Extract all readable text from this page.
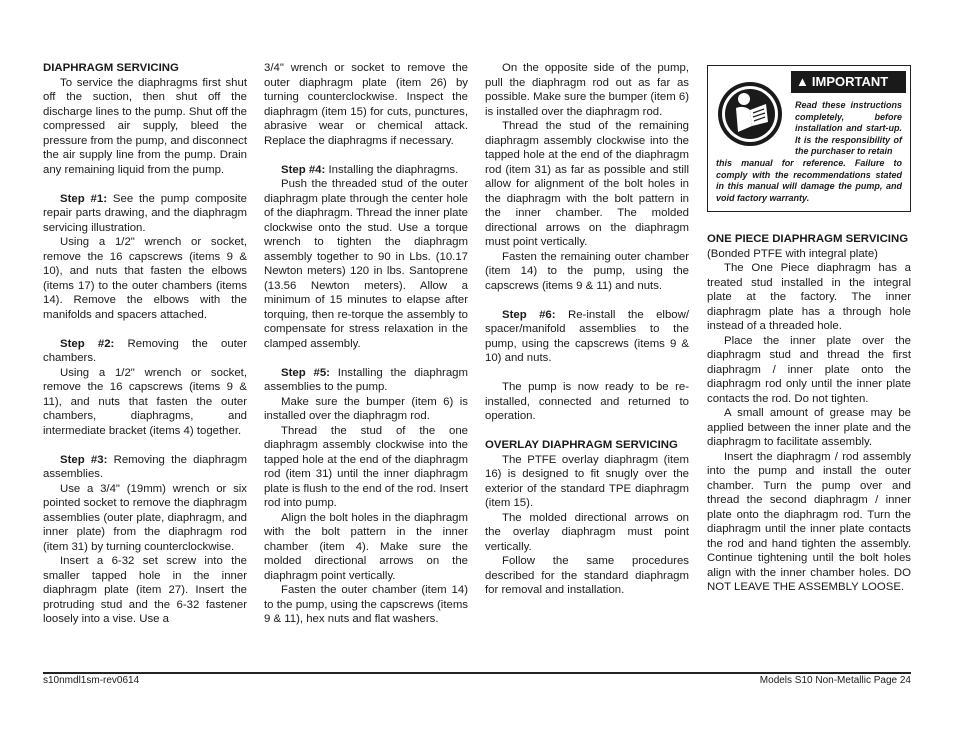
DIAPHRAGM SERVICING

To service the diaphragms first shut off the suction, then shut off the discharge lines to the pump. Shut off the compressed air supply, bleed the pressure from the pump, and disconnect the air supply line from the pump. Drain any remaining liquid from the pump.

Step #1: See the pump composite repair parts drawing, and the diaphragm servicing illustration.

Using a 1/2" wrench or socket, remove the 16 capscrews (items 9 & 10), and nuts that fasten the elbows (items 17) to the outer chambers (items 14). Remove the elbows with the manifolds and spacers attached.

Step #2: Removing the outer chambers.

Using a 1/2" wrench or socket, remove the 16 capscrews (items 9 & 11), and nuts that fasten the outer chambers, diaphragms, and intermediate bracket (items 4) together.

Step #3: Removing the diaphragm assemblies.

Use a 3/4" (19mm) wrench or six pointed socket to remove the diaphragm assemblies (outer plate, diaphragm, and inner plate) from the diaphragm rod (item 31) by turning counterclockwise.

Insert a 6-32 set screw into the smaller tapped hole in the inner diaphragm plate (item 27). Insert the protruding stud and the 6-32 fastener loosely into a vise. Use a

3/4" wrench or socket to remove the outer diaphragm plate (item 26) by turning counterclockwise. Inspect the diaphragm (item 15) for cuts, punctures, abrasive wear or chemical attack. Replace the diaphragms if necessary.

Step #4: Installing the diaphragms.

Push the threaded stud of the outer diaphragm plate through the center hole of the diaphragm. Thread the inner plate clockwise onto the stud. Use a torque wrench to tighten the diaphragm assembly together to 90 in Lbs. (10.17 Newton meters) 120 in lbs. Santoprene (13.56 Newton meters). Allow a minimum of 15 minutes to elapse after torquing, then re-torque the assembly to compensate for stress relaxation in the clamped assembly.

Step #5: Installing the diaphragm assemblies to the pump.

Make sure the bumper (item 6) is installed over the diaphragm rod.

Thread the stud of the one diaphragm assembly clockwise into the tapped hole at the end of the diaphragm rod (item 31) until the inner diaphragm plate is flush to the end of the rod. Insert rod into pump.

Align the bolt holes in the diaphragm with the bolt pattern in the inner chamber (item 4). Make sure the molded directional arrows on the diaphragm point vertically.

Fasten the outer chamber (item 14) to the pump, using the capscrews (items 9 & 11), hex nuts and flat washers.

On the opposite side of the pump, pull the diaphragm rod out as far as possible. Make sure the bumper (item 6) is installed over the diaphragm rod.

Thread the stud of the remaining diaphragm assembly clockwise into the tapped hole at the end of the diaphragm rod (item 31) as far as possible and still allow for alignment of the bolt holes in the diaphragm with the bolt pattern in the inner chamber. The molded directional arrows on the diaphragm must point vertically.

Fasten the remaining outer chamber (item 14) to the pump, using the capscrews (items 9 & 11) and nuts.

Step #6: Re-install the elbow/ spacer/manifold assemblies to the pump, using the capscrews (items 9 & 10) and nuts.

The pump is now ready to be re-installed, connected and returned to operation.

OVERLAY DIAPHRAGM SERVICING

The PTFE overlay diaphragm (item 16) is designed to fit snugly over the exterior of the standard TPE diaphragm (item 15).

The molded directional arrows on the overlay diaphragm must point vertically.

Follow the same procedures described for the standard diaphragm for removal and installation.

▲ IMPORTANT
Read these instructions completely, before installation and start-up. It is the responsibility of the purchaser to retain
this manual for reference. Failure to comply with the recommendations stated in this manual will damage the pump, and void factory warranty.

ONE PIECE DIAPHRAGM SERVICING

(Bonded PTFE with integral plate)

The One Piece diaphragm has a treated stud installed in the integral plate at the factory. The inner diaphragm plate has a through hole instead of a threaded hole.

Place the inner plate over the diaphragm stud and thread the first diaphragm / inner plate onto the diaphragm rod only until the inner plate contacts the rod. Do not tighten.

A small amount of grease may be applied between the inner plate and the diaphragm to facilitate assembly.

Insert the diaphragm / rod assembly into the pump and install the outer chamber. Turn the pump over and thread the second diaphragm / inner plate onto the diaphragm rod. Turn the diaphragm until the inner plate contacts the rod and hand tighten the assembly. Continue tightening until the bolt holes align with the inner chamber holes. DO NOT LEAVE THE ASSEMBLY LOOSE.

s10nmdl1sm-rev0614	Models S10 Non-Metallic Page 24
